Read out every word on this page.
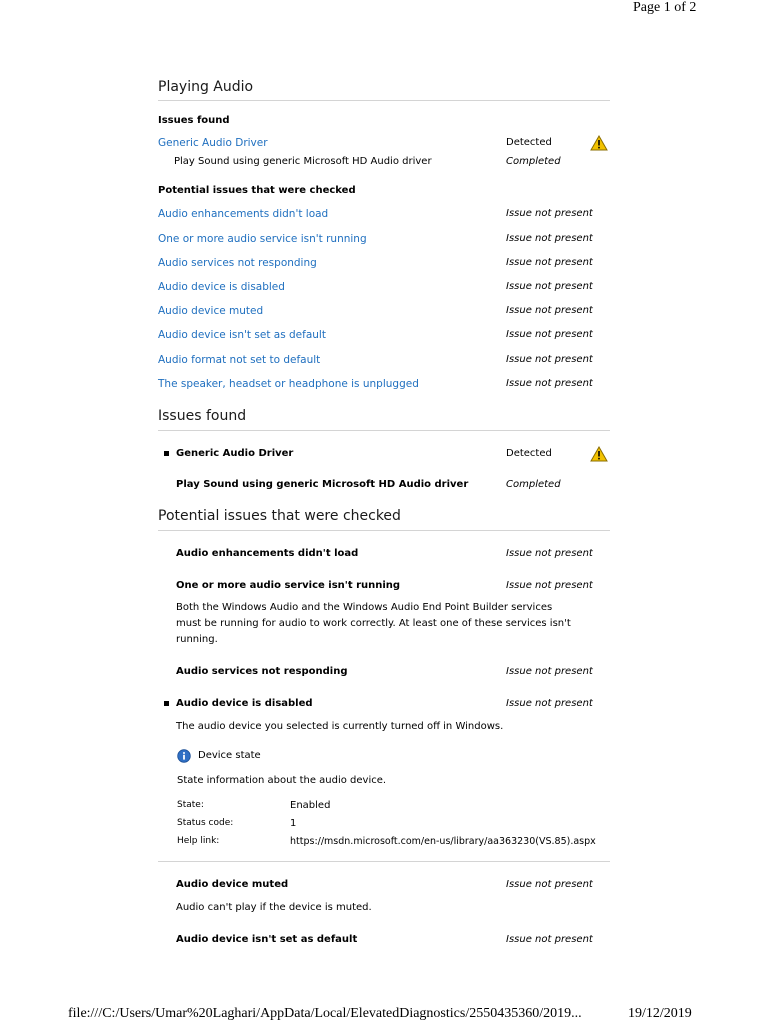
Page 1 of 2
file:///C:/Users/Umar%20Laghari/AppData/Local/ElevatedDiagnostics/2550435360/2019...	19/12/2019
Playing Audio
Issues found
Generic Audio Driver	Detected
Play Sound using generic Microsoft HD Audio driver	Completed
Potential issues that were checked
Audio enhancements didn't load	Issue not present
One or more audio service isn't running	Issue not present
Audio services not responding	Issue not present
Audio device is disabled	Issue not present
Audio device muted	Issue not present
Audio device isn't set as default	Issue not present
Audio format not set to default	Issue not present
The speaker, headset or headphone is unplugged	Issue not present
Issues found
Generic Audio Driver	Detected
Play Sound using generic Microsoft HD Audio driver	Completed
Potential issues that were checked
Audio enhancements didn't load	Issue not present
One or more audio service isn't running	Issue not present
Both the Windows Audio and the Windows Audio End Point Builder services
must be running for audio to work correctly. At least one of these services isn't
running.
Audio services not responding	Issue not present
Audio device is disabled	Issue not present
The audio device you selected is currently turned off in Windows.
Device state
State information about the audio device.
State:	Enabled
Status code:	1
Help link:	https://msdn.microsoft.com/en-us/library/aa363230(VS.85).aspx
Audio device muted	Issue not present
Audio can't play if the device is muted.
Audio device isn't set as default	Issue not present
